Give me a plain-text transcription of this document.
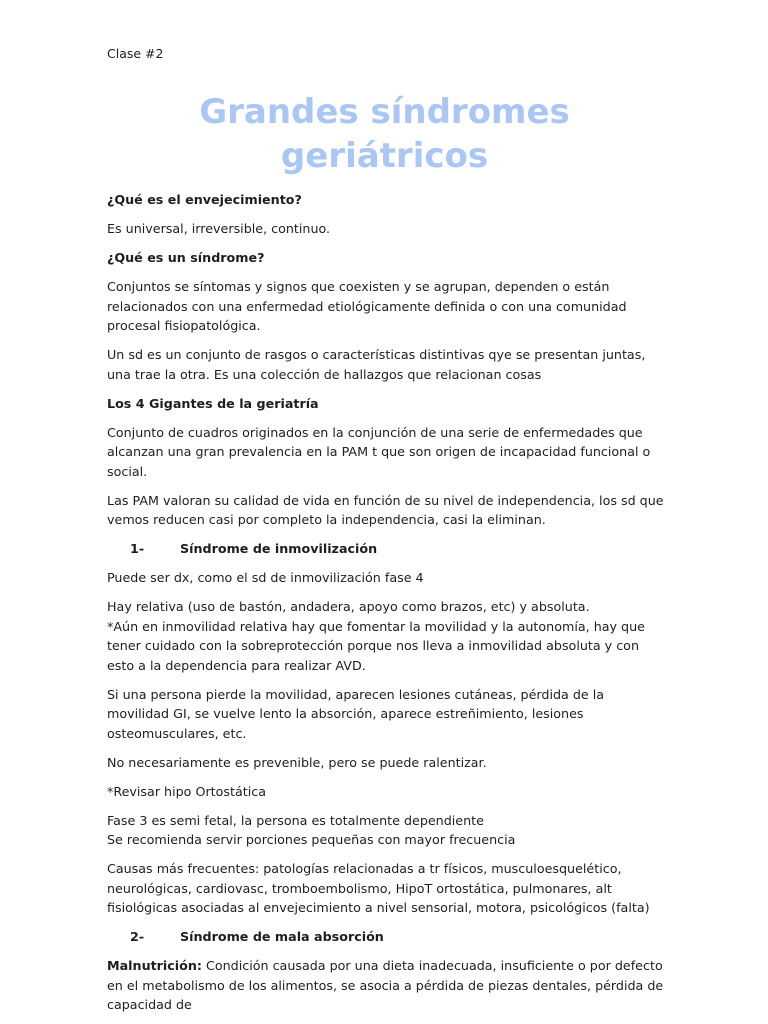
Clase #2
Grandes síndromes
geriátricos

¿Qué es el envejecimiento?

Es universal, irreversible, continuo.

¿Qué es un síndrome?

Conjuntos se síntomas y signos que coexisten y se agrupan, dependen o están relacionados con una enfermedad etiológicamente definida o con una comunidad procesal fisiopatológica.

Un sd es un conjunto de rasgos o características distintivas qye se presentan juntas, una trae la otra. Es una colección de hallazgos que relacionan cosas

Los 4 Gigantes de la geriatría

Conjunto de cuadros originados en la conjunción de una serie de enfermedades que alcanzan una gran prevalencia en la PAM t que son origen de incapacidad funcional o social.

Las PAM valoran su calidad de vida en función de su nivel de independencia, los sd que vemos reducen casi por completo la independencia, casi la eliminan.

1-	Síndrome de inmovilización

Puede ser dx, como el sd de inmovilización fase 4

Hay relativa (uso de bastón, andadera, apoyo como brazos, etc) y absoluta.
*Aún en inmovilidad relativa hay que fomentar la movilidad y la autonomía, hay que tener cuidado con la sobreprotección porque nos lleva a inmovilidad absoluta y con esto a la dependencia para realizar AVD.

Si una persona pierde la movilidad, aparecen lesiones cutáneas, pérdida de la movilidad GI, se vuelve lento la absorción, aparece estreñimiento, lesiones osteomusculares, etc.

No necesariamente es prevenible, pero se puede ralentizar.

*Revisar hipo Ortostática

Fase 3 es semi fetal, la persona es totalmente dependiente
Se recomienda servir porciones pequeñas con mayor frecuencia

Causas más frecuentes: patologías relacionadas a tr físicos, musculoesquelético, neurológicas, cardiovasc, tromboembolismo, HipoT ortostática, pulmonares, alt fisiológicas asociadas al envejecimiento a nivel sensorial, motora, psicológicos (falta)

2-	Síndrome de mala absorción

Malnutrición: Condición causada por una dieta inadecuada, insuficiente o por defecto en el metabolismo de los alimentos, se asocia a pérdida de piezas dentales, pérdida de capacidad de
